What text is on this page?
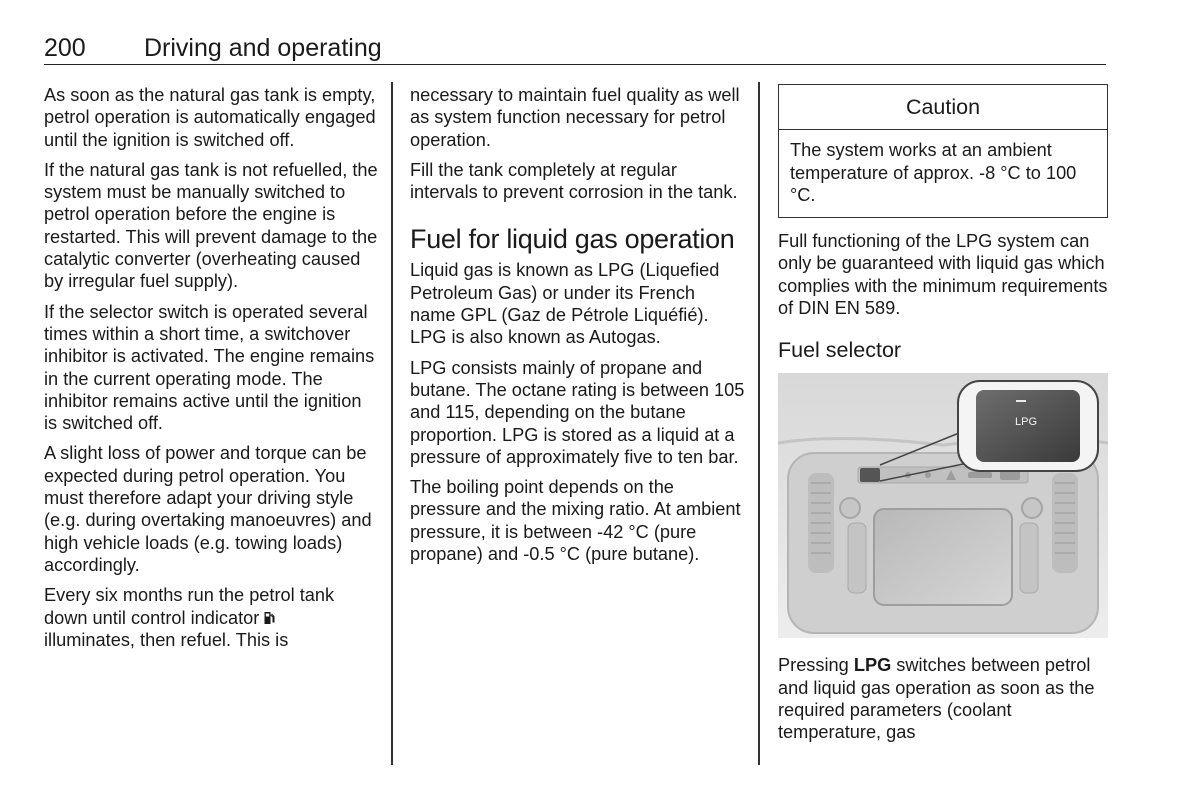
200 Driving and operating

As soon as the natural gas tank is empty, petrol operation is automatically engaged until the ignition is switched off.

If the natural gas tank is not refuelled, the system must be manually switched to petrol operation before the engine is restarted. This will prevent damage to the catalytic converter (overheating caused by irregular fuel supply).

If the selector switch is operated several times within a short time, a switchover inhibitor is activated. The engine remains in the current operating mode. The inhibitor remains active until the ignition is switched off.

A slight loss of power and torque can be expected during petrol operation. You must therefore adapt your driving style (e.g. during overtaking manoeuvres) and high vehicle loads (e.g. towing loads) accordingly.

Every six months run the petrol tank down until control indicator
illuminates, then refuel. This is

necessary to maintain fuel quality as well as system function necessary for petrol operation.

Fill the tank completely at regular intervals to prevent corrosion in the tank.

Fuel for liquid gas operation

Liquid gas is known as LPG (Liquefied Petroleum Gas) or under its French name GPL (Gaz de Pétrole Liquéfié). LPG is also known as Autogas.

LPG consists mainly of propane and butane. The octane rating is between 105 and 115, depending on the butane proportion. LPG is stored as a liquid at a pressure of approximately five to ten bar.

The boiling point depends on the pressure and the mixing ratio. At ambient pressure, it is between -42 °C (pure propane) and -0.5 °C (pure butane).

Caution
The system works at an ambient temperature of approx. -8 °C to 100 °C.

Full functioning of the LPG system can only be guaranteed with liquid gas which complies with the minimum requirements of DIN EN 589.

Fuel selector
LPG

Pressing LPG switches between petrol and liquid gas operation as soon as the required parameters (coolant temperature, gas
